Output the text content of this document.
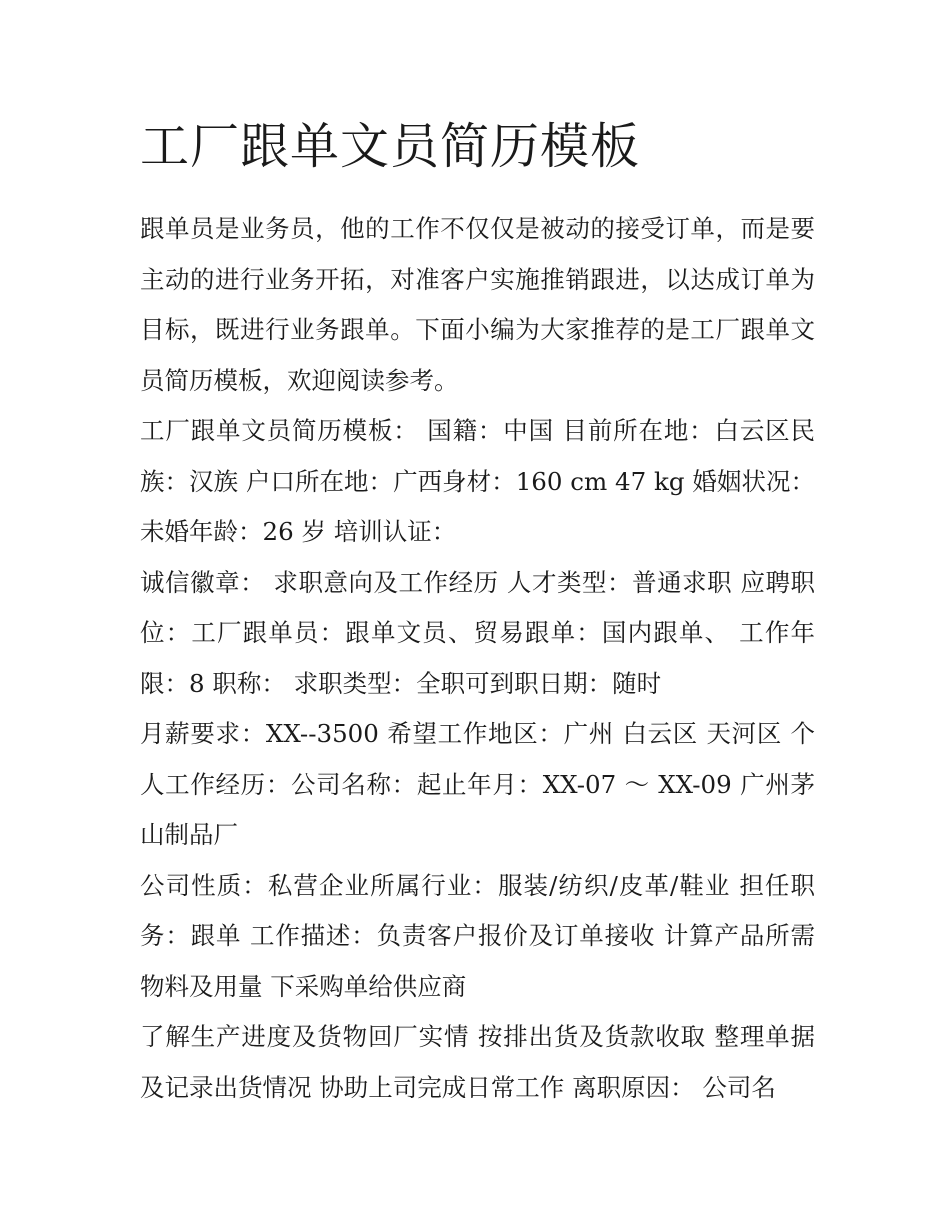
工厂跟单文员简历模板

跟单员是业务员，他的工作不仅仅是被动的接受订单，而是要主动的进行业务开拓，对准客户实施推销跟进，以达成订单为目标，既进行业务跟单。下面小编为大家推荐的是工厂跟单文员简历模板，欢迎阅读参考。

工厂跟单文员简历模板： 国籍：中国 目前所在地：白云区民族：汉族 户口所在地：广西身材：160 cm 47 kg 婚姻状况：未婚年龄：26 岁 培训认证：

诚信徽章： 求职意向及工作经历 人才类型：普通求职 应聘职位：工厂跟单员：跟单文员、贸易跟单：国内跟单、 工作年限：8 职称： 求职类型：全职可到职日期：随时

月薪要求：XX--3500 希望工作地区：广州 白云区 天河区 个人工作经历：公司名称：起止年月：XX-07 ～ XX-09 广州茅山制品厂

公司性质：私营企业所属行业：服装/纺织/皮革/鞋业 担任职务：跟单 工作描述：负责客户报价及订单接收 计算产品所需物料及用量 下采购单给供应商

了解生产进度及货物回厂实情 按排出货及货款收取 整理单据及记录出货情况 协助上司完成日常工作 离职原因： 公司名
